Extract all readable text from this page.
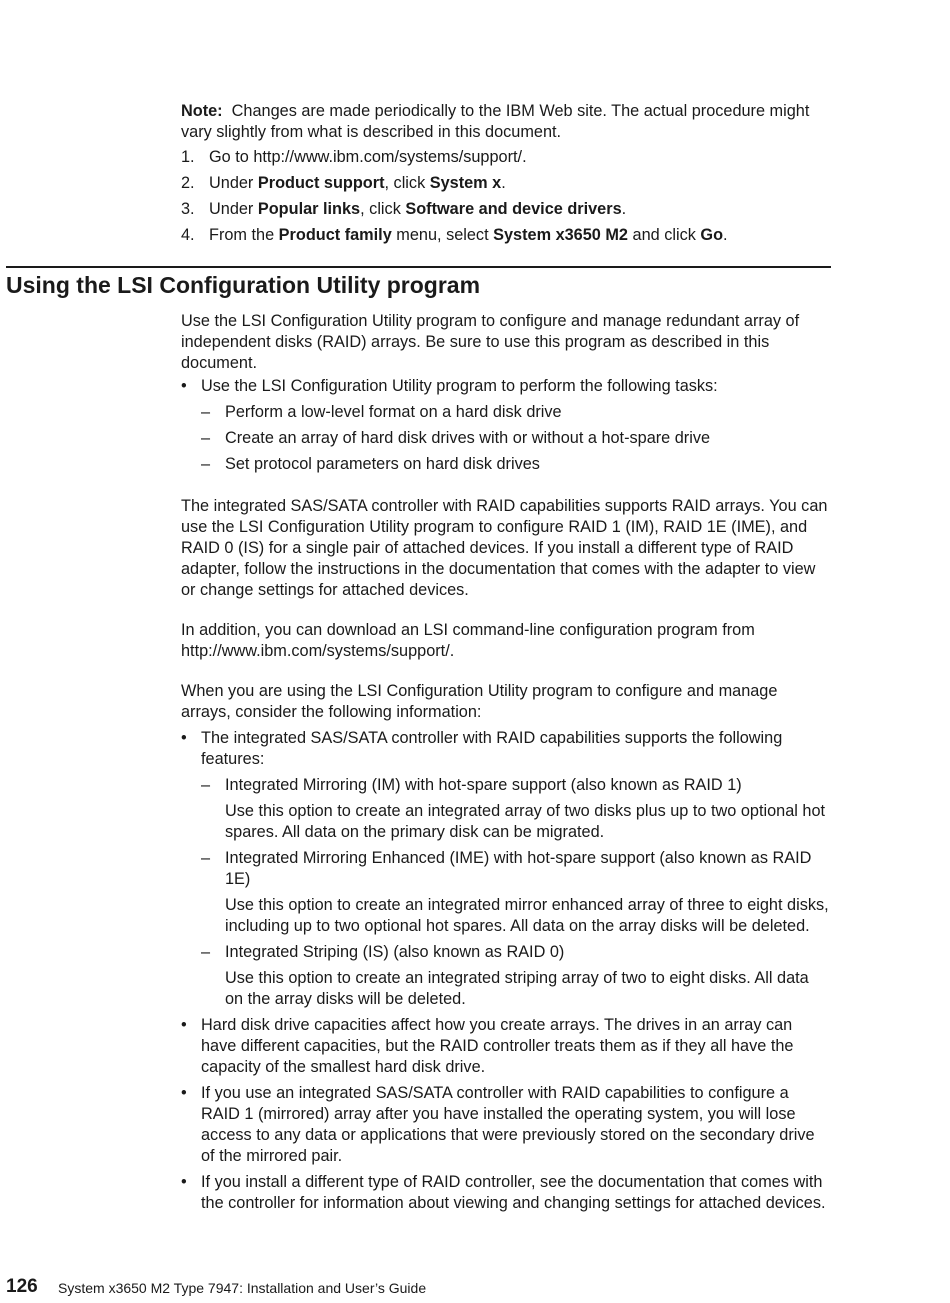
Note: Changes are made periodically to the IBM Web site. The actual procedure might vary slightly from what is described in this document.
1. Go to http://www.ibm.com/systems/support/.
2. Under Product support, click System x.
3. Under Popular links, click Software and device drivers.
4. From the Product family menu, select System x3650 M2 and click Go.
Using the LSI Configuration Utility program
Use the LSI Configuration Utility program to configure and manage redundant array of independent disks (RAID) arrays. Be sure to use this program as described in this document.
• Use the LSI Configuration Utility program to perform the following tasks:
– Perform a low-level format on a hard disk drive
– Create an array of hard disk drives with or without a hot-spare drive
– Set protocol parameters on hard disk drives
The integrated SAS/SATA controller with RAID capabilities supports RAID arrays. You can use the LSI Configuration Utility program to configure RAID 1 (IM), RAID 1E (IME), and RAID 0 (IS) for a single pair of attached devices. If you install a different type of RAID adapter, follow the instructions in the documentation that comes with the adapter to view or change settings for attached devices.
In addition, you can download an LSI command-line configuration program from http://www.ibm.com/systems/support/.
When you are using the LSI Configuration Utility program to configure and manage arrays, consider the following information:
• The integrated SAS/SATA controller with RAID capabilities supports the following features:
– Integrated Mirroring (IM) with hot-spare support (also known as RAID 1)
Use this option to create an integrated array of two disks plus up to two optional hot spares. All data on the primary disk can be migrated.
– Integrated Mirroring Enhanced (IME) with hot-spare support (also known as RAID 1E)
Use this option to create an integrated mirror enhanced array of three to eight disks, including up to two optional hot spares. All data on the array disks will be deleted.
– Integrated Striping (IS) (also known as RAID 0)
Use this option to create an integrated striping array of two to eight disks. All data on the array disks will be deleted.
• Hard disk drive capacities affect how you create arrays. The drives in an array can have different capacities, but the RAID controller treats them as if they all have the capacity of the smallest hard disk drive.
• If you use an integrated SAS/SATA controller with RAID capabilities to configure a RAID 1 (mirrored) array after you have installed the operating system, you will lose access to any data or applications that were previously stored on the secondary drive of the mirrored pair.
• If you install a different type of RAID controller, see the documentation that comes with the controller for information about viewing and changing settings for attached devices.
126 System x3650 M2 Type 7947: Installation and User’s Guide
